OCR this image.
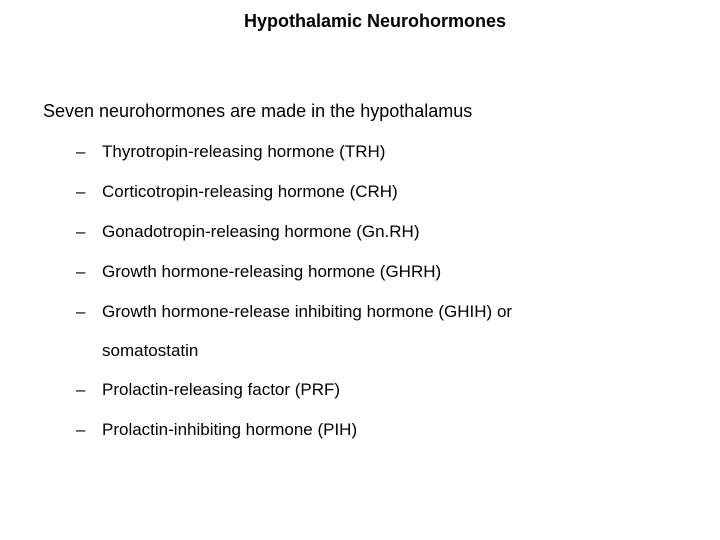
Hypothalamic Neurohormones
Seven neurohormones are made in the hypothalamus
– Thyrotropin-releasing hormone (TRH)
– Corticotropin-releasing hormone (CRH)
– Gonadotropin-releasing hormone (Gn.RH)
– Growth hormone-releasing hormone (GHRH)
– Growth hormone-release inhibiting hormone (GHIH) or
somatostatin
– Prolactin-releasing factor (PRF)
– Prolactin-inhibiting hormone (PIH)
